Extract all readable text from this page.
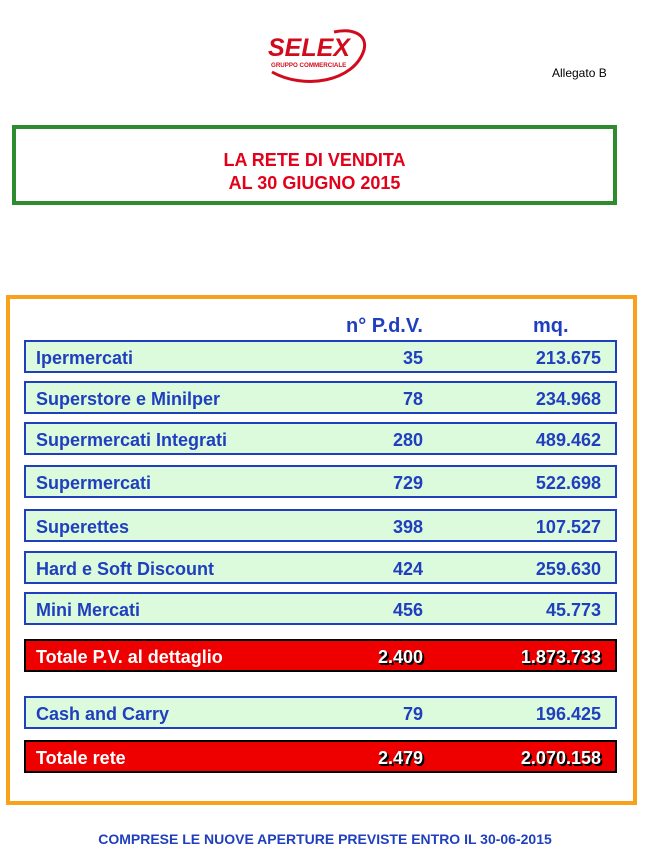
SELEX
GRUPPO COMMERCIALE
Allegato B
LA RETE DI VENDITA
AL 30 GIUGNO 2015
n° P.d.V.	mq.
Ipermercati	35	213.675
Superstore e Minilper	78	234.968
Supermercati Integrati	280	489.462
Supermercati	729	522.698
Superettes	398	107.527
Hard e Soft Discount	424	259.630
Mini Mercati	456	45.773
Totale P.V. al dettaglio	2.400	1.873.733
Cash and Carry	79	196.425
Totale rete	2.479	2.070.158
COMPRESE LE NUOVE APERTURE PREVISTE ENTRO IL 30-06-2015
